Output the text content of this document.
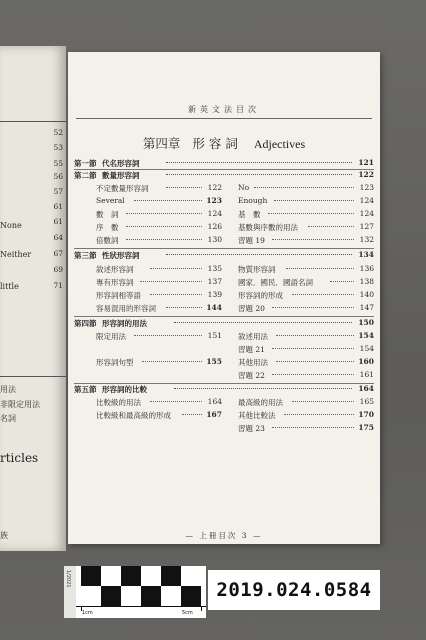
52
53
55
56
57
61
None	61
64
Neither	67
69
little	71
用法
非限定用法
名詞
rticles
族
新英文法目次
第四章 形容詞 Adjectives
第一節 代名形容詞	121
第二節 數量形容詞	122
不定數量形容詞	122
Several	123
數　詞	124
序　數	126
倍數詞	130
No	123
Enough	124
基　數	124
基數與序數的用法	127
習題 19	132
第三節 性狀形容詞	134
敘述形容詞	135
專有形容詞	137
形容詞相等語	139
容易混用的形容詞	144
物質形容詞	136
國家．國民．國語名詞	138
形容詞的形成	140
習題 20	147
第四節 形容詞的用法	150
限定用法	151
形容詞句型	155
敘述用法	154
習題 21	154
其他用法	160
習題 22	161
第五節 形容詞的比較	164
比較級的用法	164
比較級和最高級的形成	167
最高級的用法	165
其他比較法	170
習題 23	175
— 上冊目次 3 —
1/2021
1cm	5cm
2019.024.0584
